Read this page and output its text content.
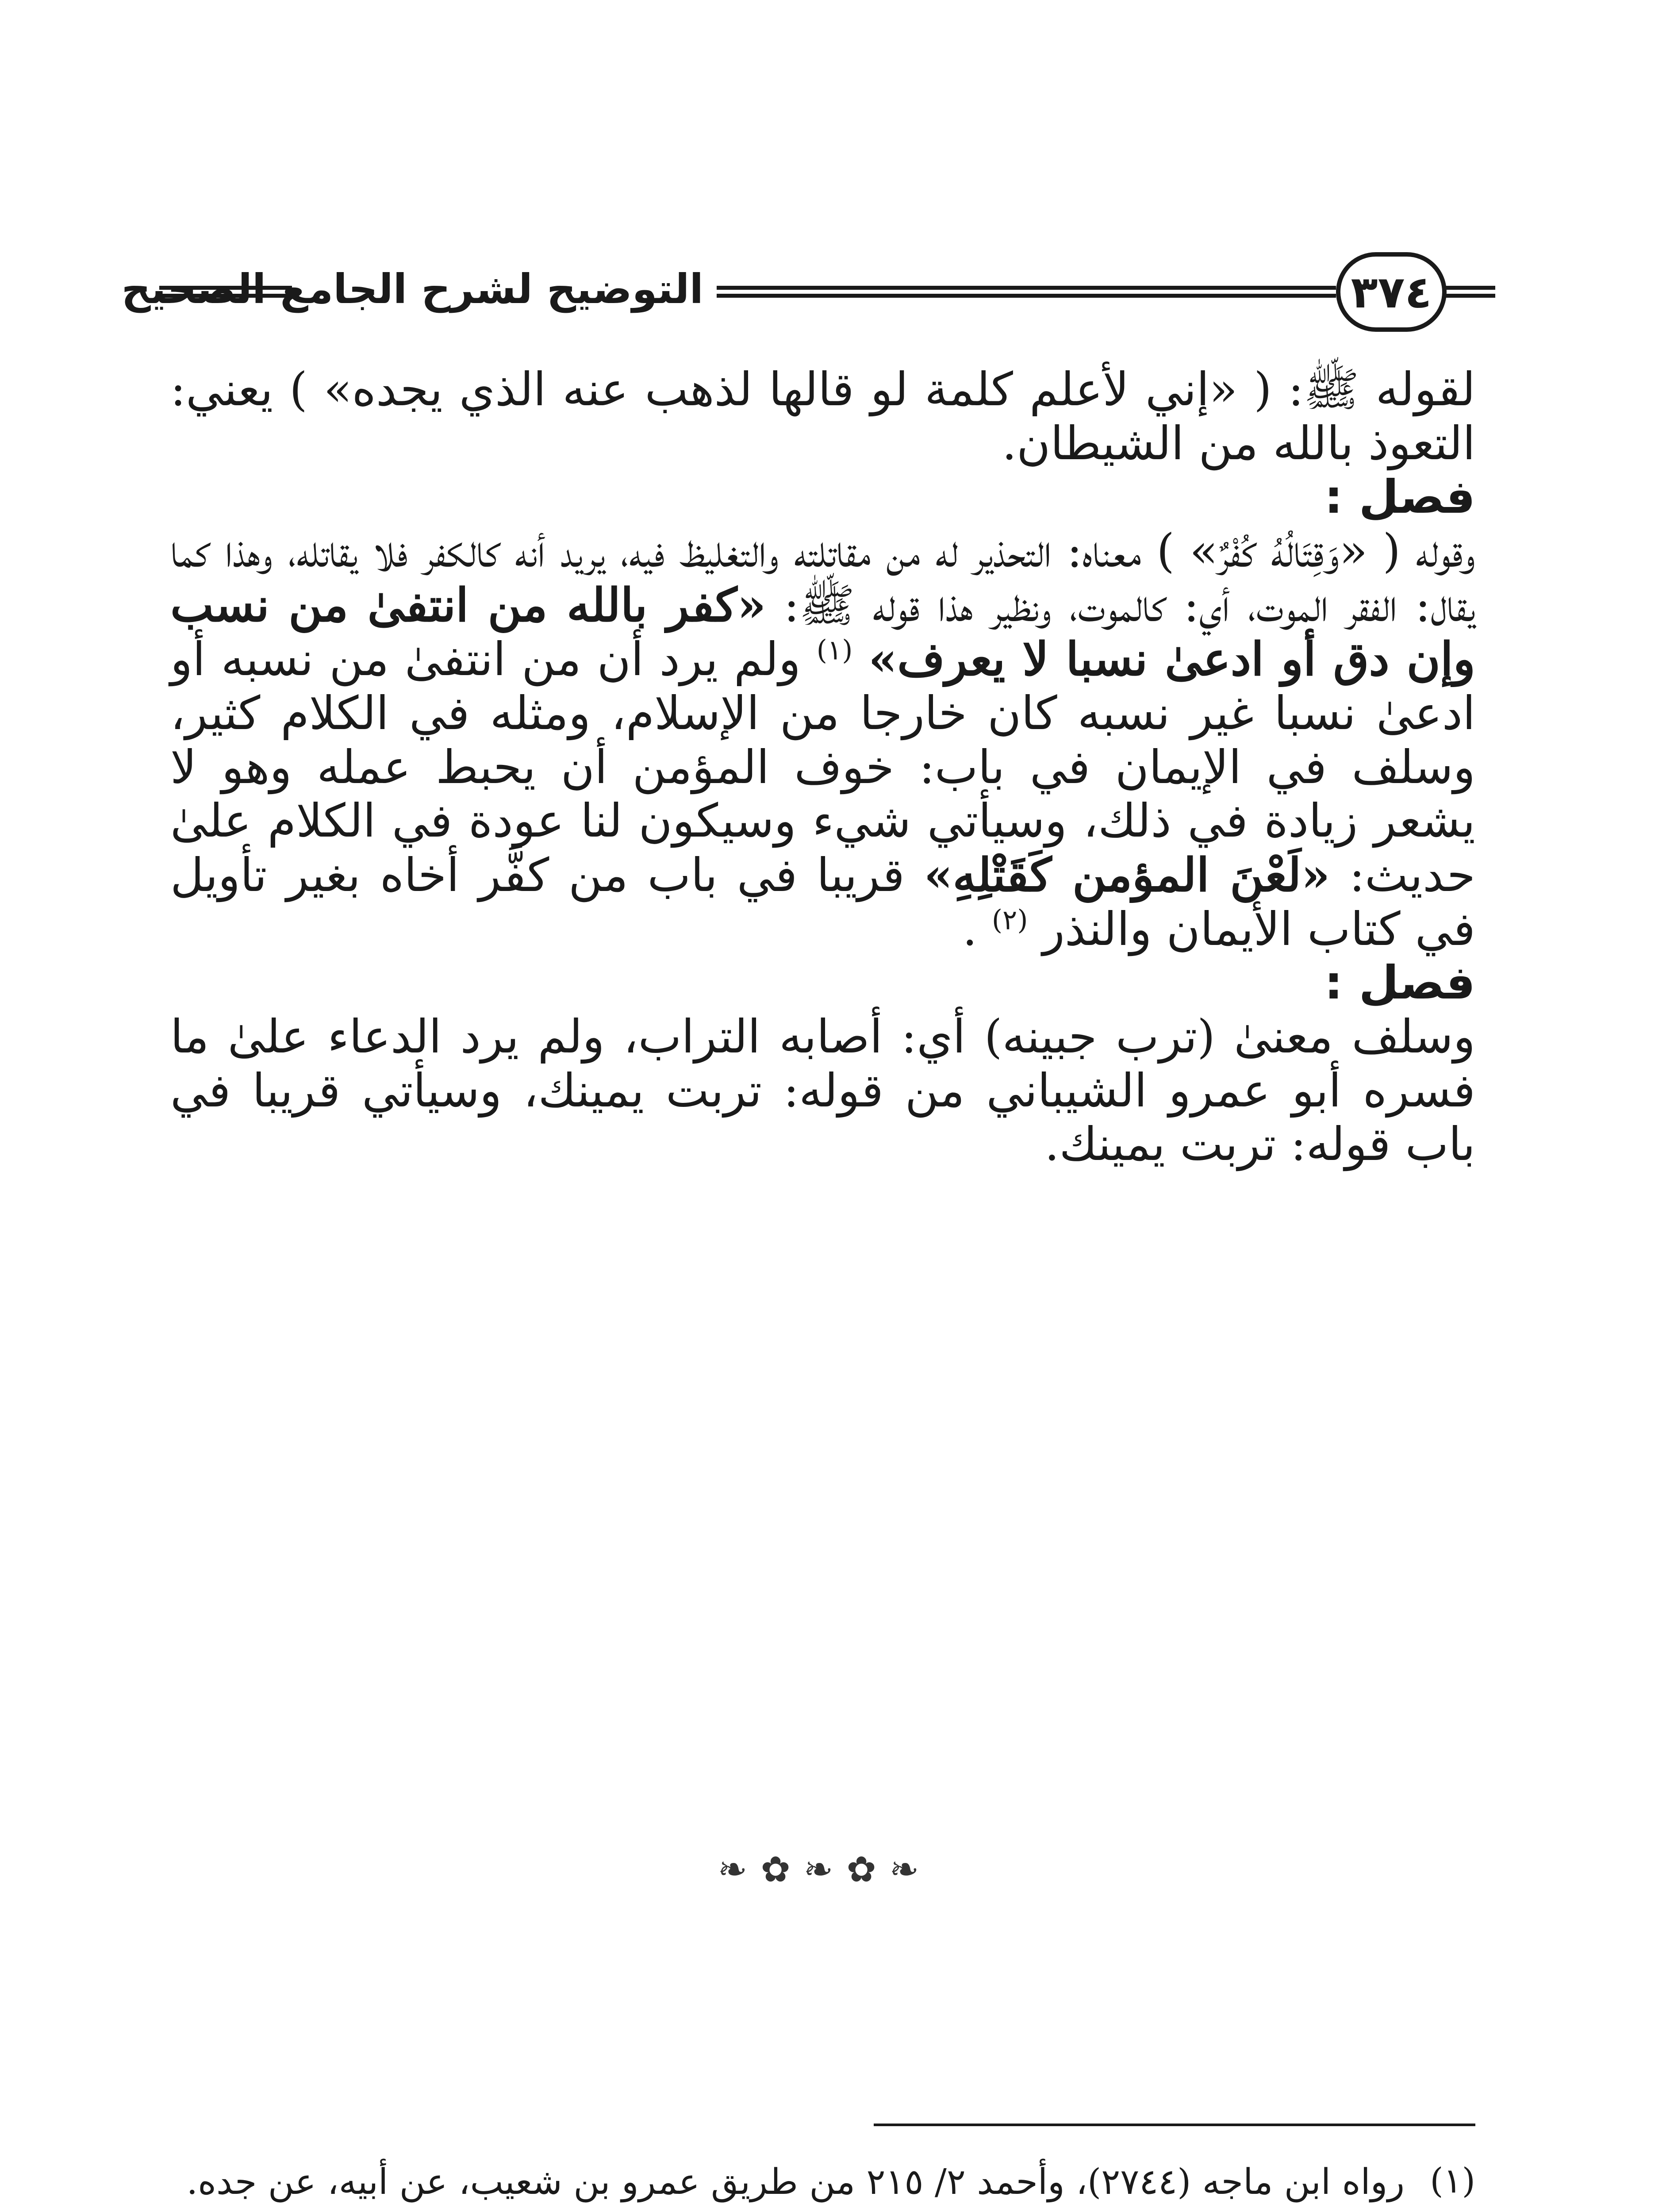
التوضيح لشرح الجامع الصحيح	٣٧٤

لقوله ﷺ: ( «إني لأعلم كلمة لو قالها لذهب عنه الذي يجده» ) يعني: التعوذ بالله من الشيطان.

فصل :

وقوله ( «وَقِتَالُهُ كُفْرٌ» ) معناه: التحذير له من مقاتلته والتغليظ فيه، يريد أنه كالكفر فلا يقاتله، وهذا كما يقال: الفقر الموت، أي: كالموت، ونظير هذا قوله ﷺ: «كفر بالله من انتفىٰ من نسب وإن دق أو ادعىٰ نسبا لا يعرف» $^{(١)}$ ولم يرد أن من انتفىٰ من نسبه أو ادعىٰ نسبا غير نسبه كان خارجا من الإسلام، ومثله في الكلام كثير، وسلف في الإيمان في باب: خوف المؤمن أن يحبط عمله وهو لا يشعر زيادة في ذلك، وسيأتي شيء وسيكون لنا عودة في الكلام علىٰ حديث: «لَعْنَ المؤمن كَقَتْلِهِ» قريبا في باب من كفَّر أخاه بغير تأويل في كتاب الأيمان والنذر $^{(٢)}$ .

فصل :

وسلف معنىٰ (ترب جبينه) أي: أصابه التراب، ولم يرد الدعاء علىٰ ما فسره أبو عمرو الشيباني من قوله: تربت يمينك، وسيأتي قريبا في باب قوله: تربت يمينك.

❧
✿
❧
✿
❧
(١)
رواه ابن ماجه (٢٧٤٤)، وأحمد ٢/ ٢١٥ من طريق عمرو بن شعيب، عن أبيه، عن جده.
